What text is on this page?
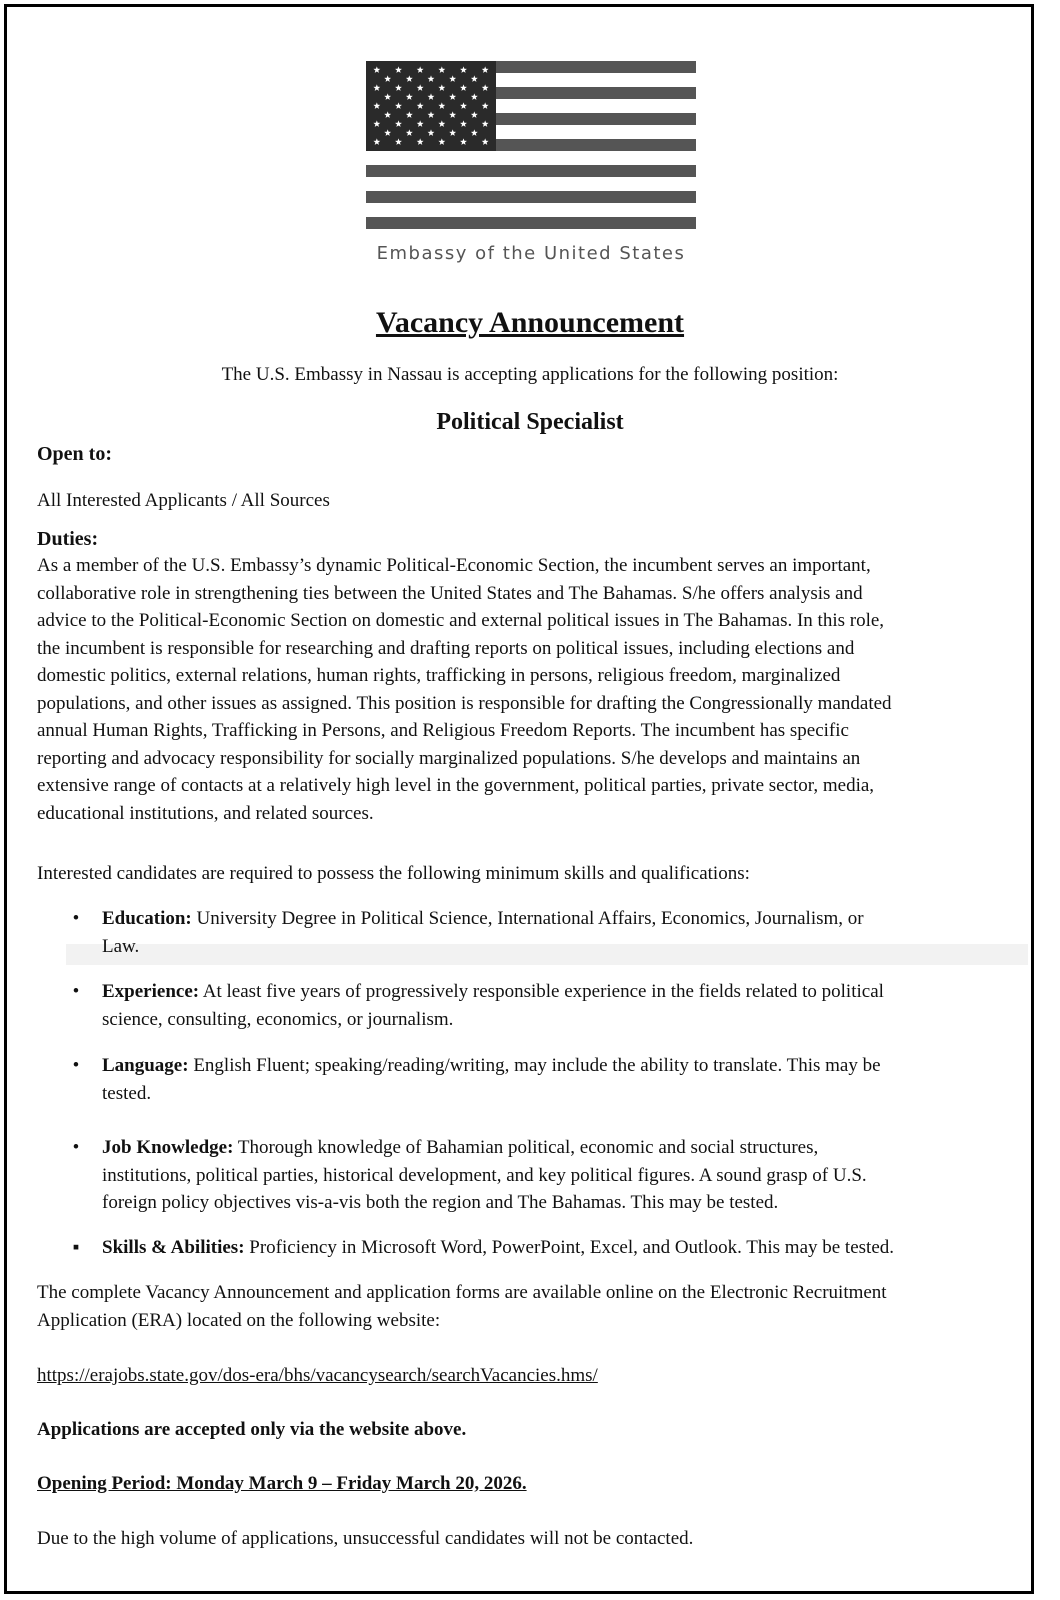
Embassy of the United States
Vacancy Announcement
The U.S. Embassy in Nassau is accepting applications for the following position:
Political Specialist
Open to:
All Interested Applicants / All Sources
Duties:
As a member of the U.S. Embassy’s dynamic Political-Economic Section, the incumbent serves an important,
collaborative role in strengthening ties between the United States and The Bahamas. S/he offers analysis and
advice to the Political-Economic Section on domestic and external political issues in The Bahamas. In this role,
the incumbent is responsible for researching and drafting reports on political issues, including elections and
domestic politics, external relations, human rights, trafficking in persons, religious freedom, marginalized
populations, and other issues as assigned. This position is responsible for drafting the Congressionally mandated
annual Human Rights, Trafficking in Persons, and Religious Freedom Reports. The incumbent has specific
reporting and advocacy responsibility for socially marginalized populations. S/he develops and maintains an
extensive range of contacts at a relatively high level in the government, political parties, private sector, media,
educational institutions, and related sources.
Interested candidates are required to possess the following minimum skills and qualifications:
• Education: University Degree in Political Science, International Affairs, Economics, Journalism, or
Law.
• Experience: At least five years of progressively responsible experience in the fields related to political
science, consulting, economics, or journalism.
• Language: English Fluent; speaking/reading/writing, may include the ability to translate. This may be
tested.
• Job Knowledge: Thorough knowledge of Bahamian political, economic and social structures,
institutions, political parties, historical development, and key political figures. A sound grasp of U.S.
foreign policy objectives vis-a-vis both the region and The Bahamas. This may be tested.
▪ Skills & Abilities: Proficiency in Microsoft Word, PowerPoint, Excel, and Outlook. This may be tested.
The complete Vacancy Announcement and application forms are available online on the Electronic Recruitment
Application (ERA) located on the following website:
https://erajobs.state.gov/dos-era/bhs/vacancysearch/searchVacancies.hms/
Applications are accepted only via the website above.
Opening Period: Monday March 9 – Friday March 20, 2026.
Due to the high volume of applications, unsuccessful candidates will not be contacted.
